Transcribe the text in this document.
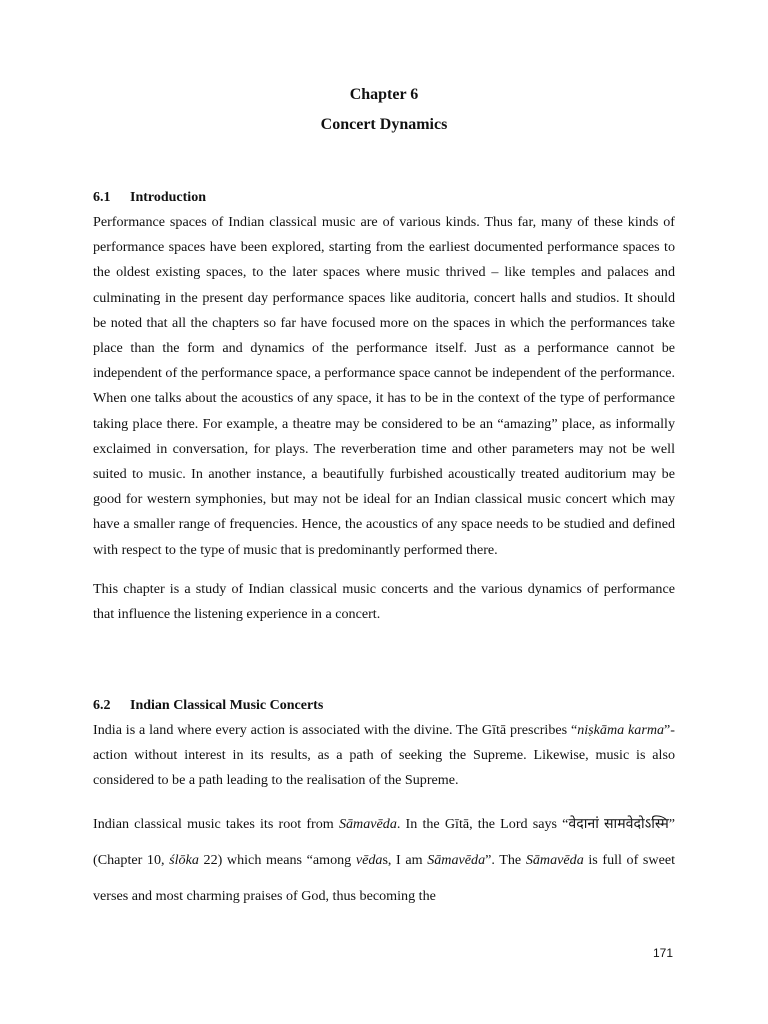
Chapter 6
Concert Dynamics
6.1 Introduction

Performance spaces of Indian classical music are of various kinds. Thus far, many of these kinds of performance spaces have been explored, starting from the earliest documented performance spaces to the oldest existing spaces, to the later spaces where music thrived – like temples and palaces and culminating in the present day performance spaces like auditoria, concert halls and studios. It should be noted that all the chapters so far have focused more on the spaces in which the performances take place than the form and dynamics of the performance itself. Just as a performance cannot be independent of the performance space, a performance space cannot be independent of the performance. When one talks about the acoustics of any space, it has to be in the context of the type of performance taking place there. For example, a theatre may be considered to be an “amazing” place, as informally exclaimed in conversation, for plays. The reverberation time and other parameters may not be well suited to music. In another instance, a beautifully furbished acoustically treated auditorium may be good for western symphonies, but may not be ideal for an Indian classical music concert which may have a smaller range of frequencies. Hence, the acoustics of any space needs to be studied and defined with respect to the type of music that is predominantly performed there.

This chapter is a study of Indian classical music concerts and the various dynamics of performance that influence the listening experience in a concert.

6.2 Indian Classical Music Concerts

India is a land where every action is associated with the divine. The Gītā prescribes “niṣkāma karma”- action without interest in its results, as a path of seeking the Supreme. Likewise, music is also considered to be a path leading to the realisation of the Supreme.

Indian classical music takes its root from Sāmavēda. In the Gītā, the Lord says “वेदानां सामवेदोऽस्मि” (Chapter 10, ślōka 22) which means “among vēdas, I am Sāmavēda”. The Sāmavēda is full of sweet verses and most charming praises of God, thus becoming the

171
